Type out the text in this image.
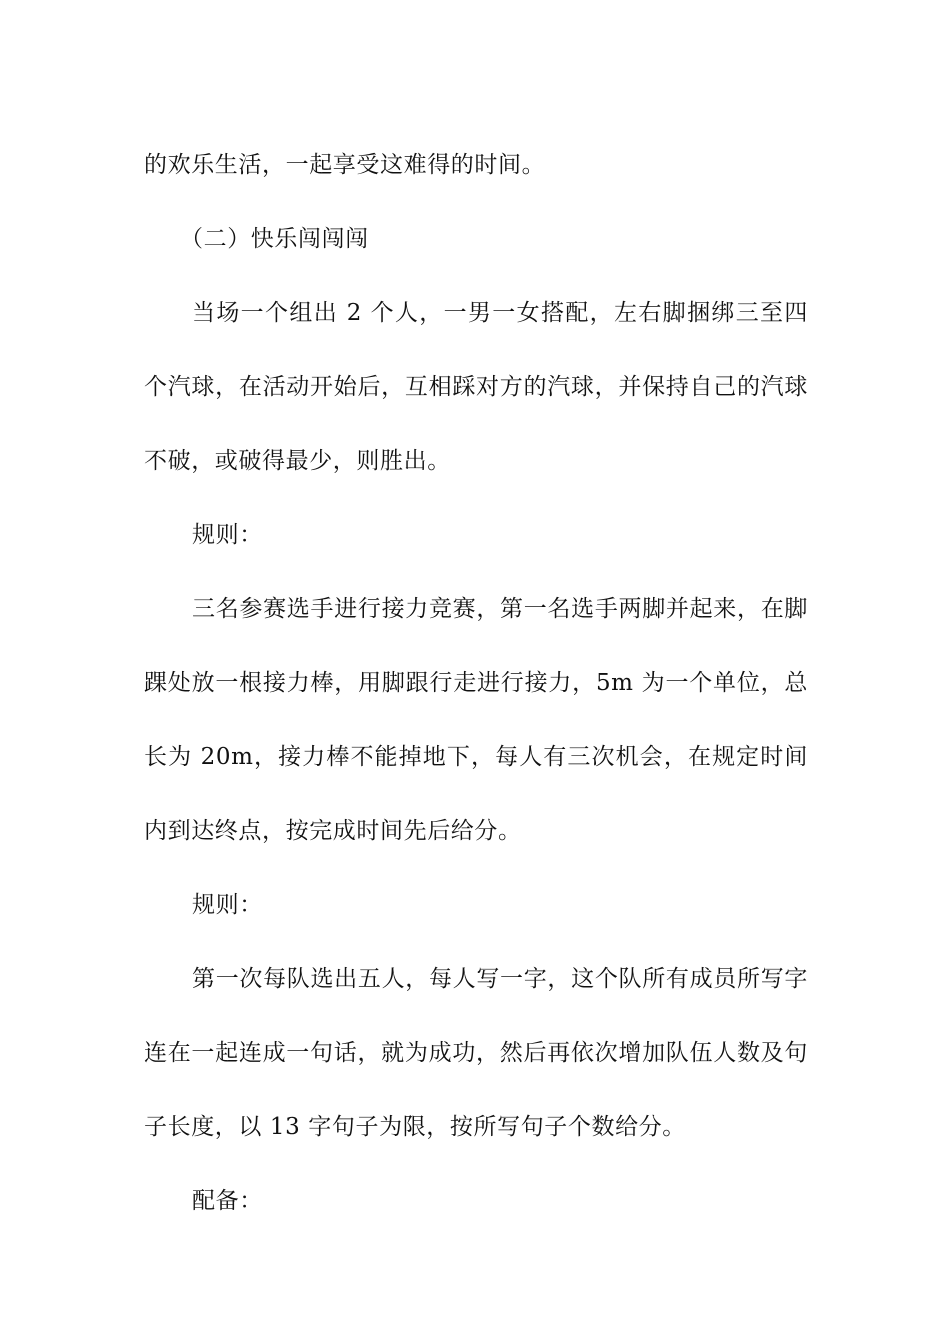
的欢乐生活，一起享受这难得的时间。

（二）快乐闯闯闯

当场一个组出 2 个人，一男一女搭配，左右脚捆绑三至四个汽球，在活动开始后，互相踩对方的汽球，并保持自己的汽球不破，或破得最少，则胜出。

规则：

三名参赛选手进行接力竞赛，第一名选手两脚并起来，在脚踝处放一根接力棒，用脚跟行走进行接力，5m 为一个单位，总长为 20m，接力棒不能掉地下，每人有三次机会，在规定时间内到达终点，按完成时间先后给分。

规则：

第一次每队选出五人，每人写一字，这个队所有成员所写字连在一起连成一句话，就为成功，然后再依次增加队伍人数及句子长度，以 13 字句子为限，按所写句子个数给分。

配备：
